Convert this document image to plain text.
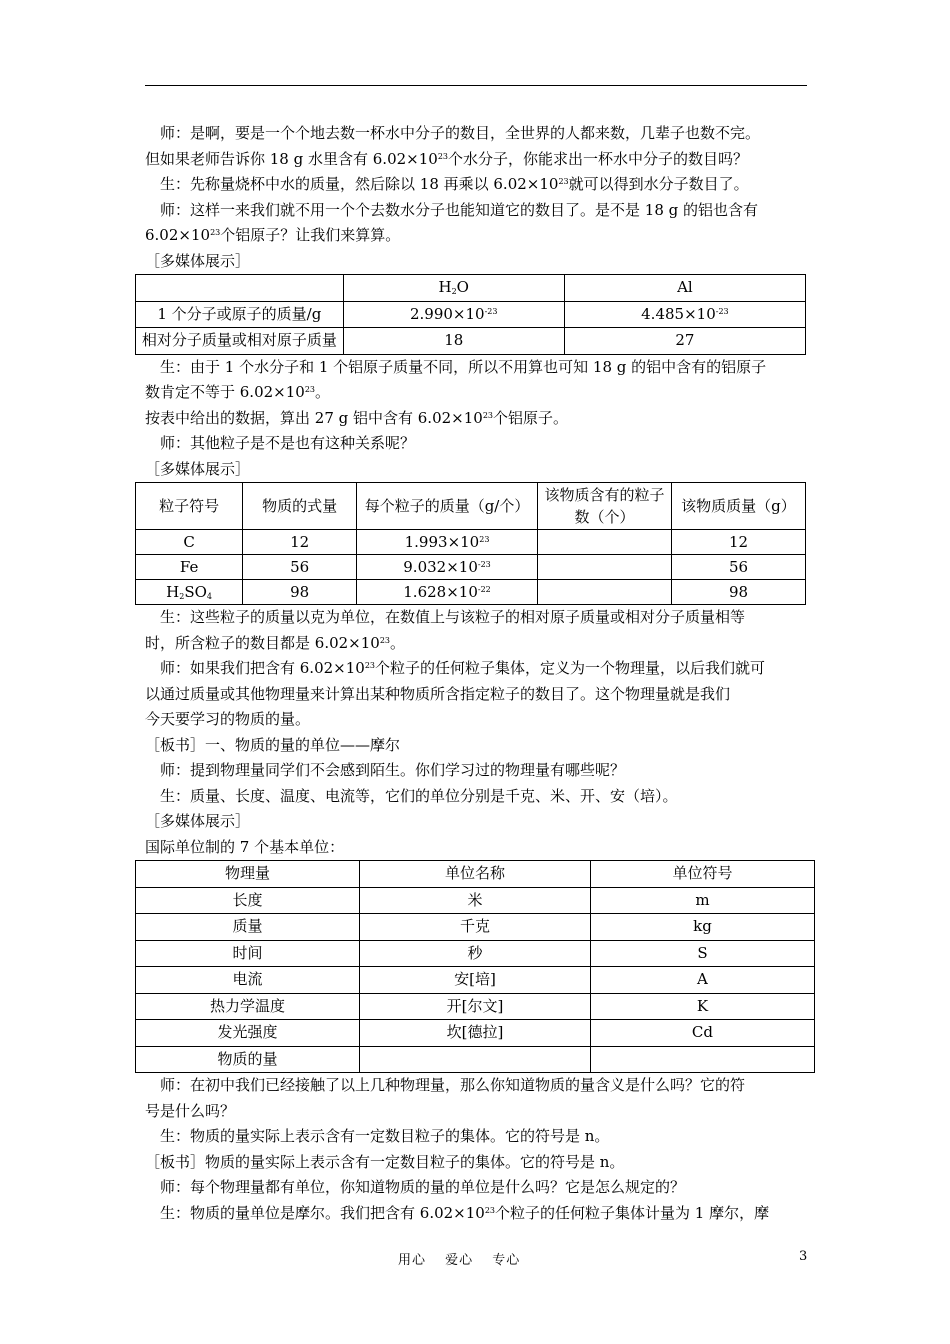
师：是啊，要是一个个地去数一杯水中分子的数目，全世界的人都来数，几辈子也数不完。

但如果老师告诉你 18 g 水里含有 $6.02\times 10^{23}$个水分子，你能求出一杯水中分子的数目吗？

生：先称量烧杯中水的质量，然后除以 18 再乘以 $6.02\times 10^{23}$就可以得到水分子数目了。

师：这样一来我们就不用一个个去数水分子也能知道它的数目了。是不是 18 g 的铝也含有

$6.02\times 10^{23}$个铝原子？让我们来算算。

［多媒体展示］

	$H_2O$	Al
1 个分子或原子的质量/g	$2.990\times 10^{-23}$	$4.485\times 10^{-23}$
相对分子质量或相对原子质量	18	27

生：由于 1 个水分子和 1 个铝原子质量不同，所以不用算也可知 18 g 的铝中含有的铝原子

数肯定不等于 $6.02\times 10^{23}$。

按表中给出的数据，算出 27 g 铝中含有 $6.02\times 10^{23}$个铝原子。

师：其他粒子是不是也有这种关系呢？

［多媒体展示］

粒子符号	物质的式量	每个粒子的质量（g/个）	该物质含有的粒子数（个）	该物质质量（g）
C	12	$1.993\times 10^{23}$		12
Fe	56	$9.032\times 10^{-23}$		56
$H_2SO_4$	98	$1.628\times 10^{-22}$		98

生：这些粒子的质量以克为单位，在数值上与该粒子的相对原子质量或相对分子质量相等

时，所含粒子的数目都是 $6.02\times 10^{23}$。

师：如果我们把含有 $6.02\times 10^{23}$个粒子的任何粒子集体，定义为一个物理量，以后我们就可

以通过质量或其他物理量来计算出某种物质所含指定粒子的数目了。这个物理量就是我们

今天要学习的物质的量。

［板书］一、物质的量的单位——摩尔

师：提到物理量同学们不会感到陌生。你们学习过的物理量有哪些呢？

生：质量、长度、温度、电流等，它们的单位分别是千克、米、开、安（培）。

［多媒体展示］

国际单位制的 7 个基本单位：

物理量	单位名称	单位符号
长度	米	m
质量	千克	kg
时间	秒	S
电流	安[培]	A
热力学温度	开[尔文]	K
发光强度	坎[德拉]	Cd
物质的量		

师：在初中我们已经接触了以上几种物理量，那么你知道物质的量含义是什么吗？它的符

号是什么吗？

生：物质的量实际上表示含有一定数目粒子的集体。它的符号是 n。

［板书］物质的量实际上表示含有一定数目粒子的集体。它的符号是 n。

师：每个物理量都有单位，你知道物质的量的单位是什么吗？它是怎么规定的？

生：物质的量单位是摩尔。我们把含有 $6.02\times 10^{23}$个粒子的任何粒子集体计量为 1 摩尔，摩

用心　 爱心　 专心	3
